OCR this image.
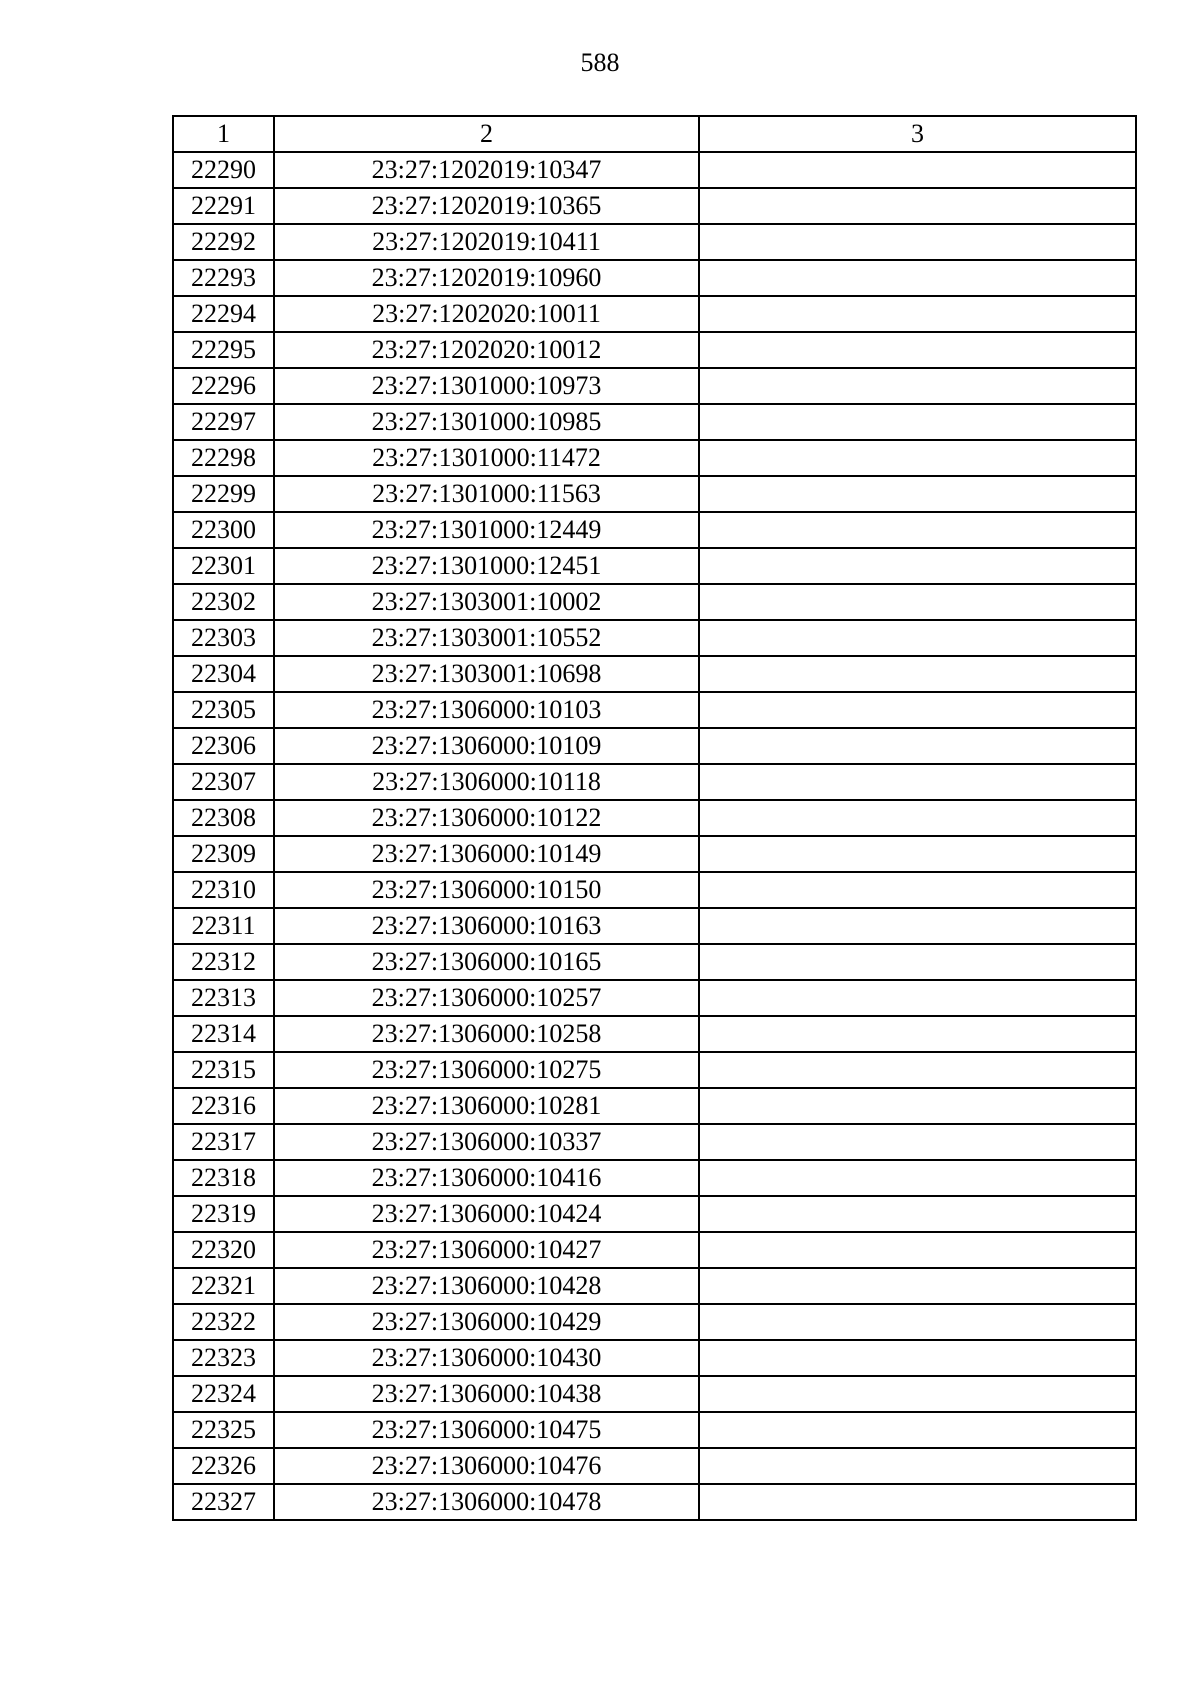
588
1	2	3
22290	23:27:1202019:10347	
22291	23:27:1202019:10365	
22292	23:27:1202019:10411	
22293	23:27:1202019:10960	
22294	23:27:1202020:10011	
22295	23:27:1202020:10012	
22296	23:27:1301000:10973	
22297	23:27:1301000:10985	
22298	23:27:1301000:11472	
22299	23:27:1301000:11563	
22300	23:27:1301000:12449	
22301	23:27:1301000:12451	
22302	23:27:1303001:10002	
22303	23:27:1303001:10552	
22304	23:27:1303001:10698	
22305	23:27:1306000:10103	
22306	23:27:1306000:10109	
22307	23:27:1306000:10118	
22308	23:27:1306000:10122	
22309	23:27:1306000:10149	
22310	23:27:1306000:10150	
22311	23:27:1306000:10163	
22312	23:27:1306000:10165	
22313	23:27:1306000:10257	
22314	23:27:1306000:10258	
22315	23:27:1306000:10275	
22316	23:27:1306000:10281	
22317	23:27:1306000:10337	
22318	23:27:1306000:10416	
22319	23:27:1306000:10424	
22320	23:27:1306000:10427	
22321	23:27:1306000:10428	
22322	23:27:1306000:10429	
22323	23:27:1306000:10430	
22324	23:27:1306000:10438	
22325	23:27:1306000:10475	
22326	23:27:1306000:10476	
22327	23:27:1306000:10478	
